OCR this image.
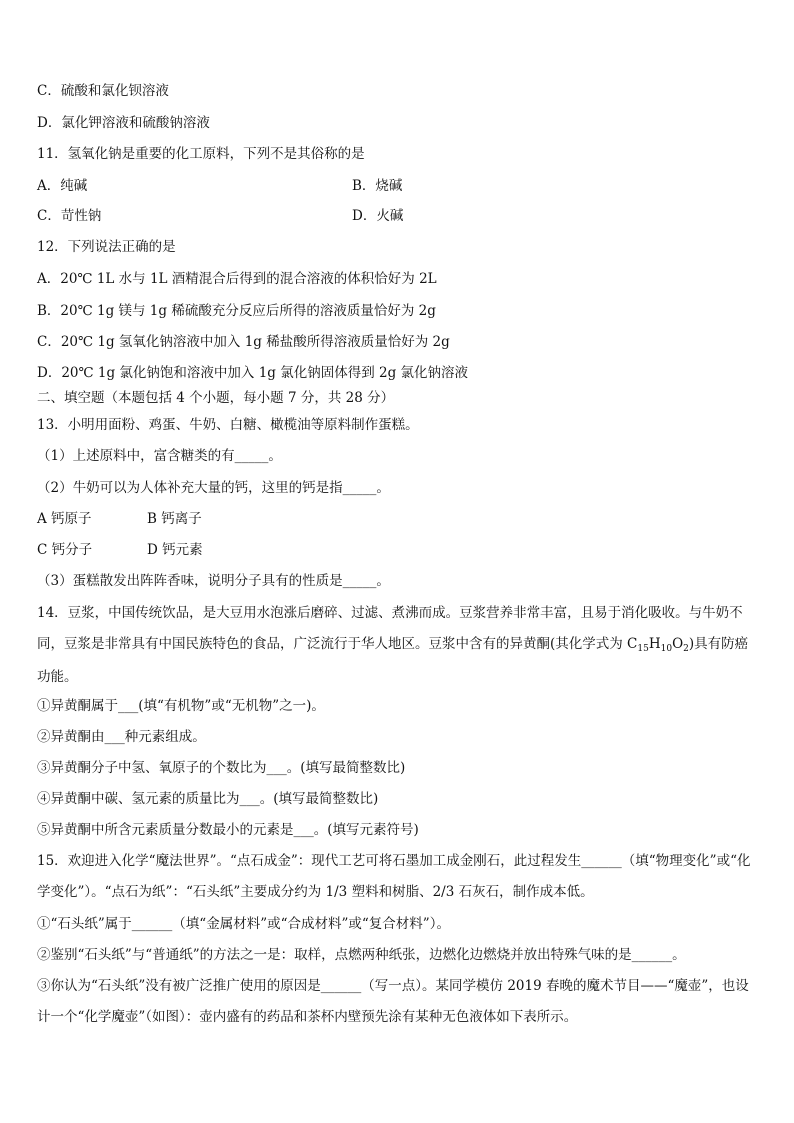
C．硫酸和氯化钡溶液
D．氯化钾溶液和硫酸钠溶液
11．氢氧化钠是重要的化工原料，下列不是其俗称的是
A．纯碱	B．烧碱
C．苛性钠	D．火碱
12．下列说法正确的是
A．20℃ 1L 水与 1L 酒精混合后得到的混合溶液的体积恰好为 2L
B．20℃ 1g 镁与 1g 稀硫酸充分反应后所得的溶液质量恰好为 2g
C．20℃ 1g 氢氧化钠溶液中加入 1g 稀盐酸所得溶液质量恰好为 2g
D．20℃ 1g 氯化钠饱和溶液中加入 1g 氯化钠固体得到 2g 氯化钠溶液
二、填空题（本题包括 4 个小题，每小题 7 分，共 28 分）
13．小明用面粉、鸡蛋、牛奶、白糖、橄榄油等原料制作蛋糕。
（1）上述原料中，富含糖类的有_____。
（2）牛奶可以为人体补充大量的钙，这里的钙是指_____。
A 钙原子	B 钙离子
C 钙分子	D 钙元素
（3）蛋糕散发出阵阵香味，说明分子具有的性质是_____。
14．豆浆，中国传统饮品，是大豆用水泡涨后磨碎、过滤、煮沸而成。豆浆营养非常丰富，且易于消化吸收。与牛奶不同，豆浆是非常具有中国民族特色的食品，广泛流行于华人地区。豆浆中含有的异黄酮(其化学式为 $C_{15}H_{10}O_2$)具有防癌功能。
①异黄酮属于___(填“有机物”或“无机物”之一)。
②异黄酮由___种元素组成。
③异黄酮分子中氢、氧原子的个数比为___。(填写最简整数比)
④异黄酮中碳、氢元素的质量比为___。(填写最简整数比)
⑤异黄酮中所含元素质量分数最小的元素是___。(填写元素符号)
15．欢迎进入化学“魔法世界”。“点石成金”：现代工艺可将石墨加工成金刚石，此过程发生______（填“物理变化”或“化学变化”）。“点石为纸”：“石头纸”主要成分约为 1/3 塑料和树脂、2/3 石灰石，制作成本低。
①“石头纸”属于______（填“金属材料”或“合成材料”或“复合材料”）。
②鉴别“石头纸”与“普通纸”的方法之一是：取样，点燃两种纸张，边燃化边燃烧并放出特殊气味的是______。
③你认为“石头纸”没有被广泛推广使用的原因是______（写一点）。某同学模仿 2019 春晚的魔术节目——“魔壶”，也设计一个“化学魔壶”（如图）：壶内盛有的药品和茶杯内壁预先涂有某种无色液体如下表所示。
